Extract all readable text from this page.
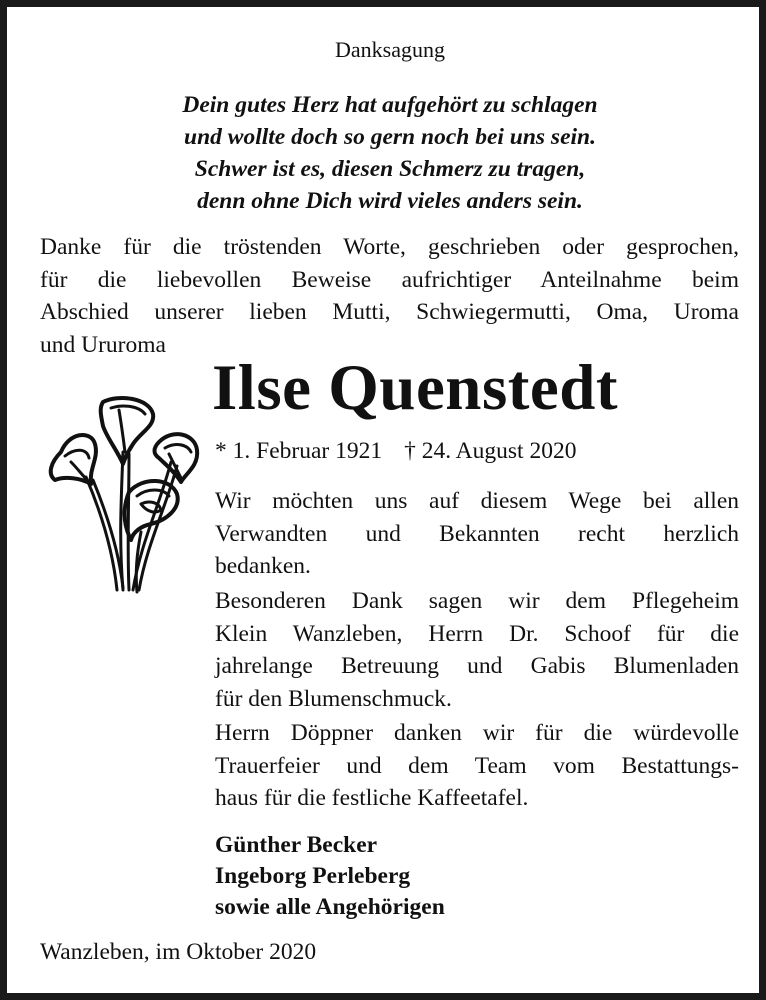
Danksagung
Dein gutes Herz hat aufgehört zu schlagen
und wollte doch so gern noch bei uns sein.
Schwer ist es, diesen Schmerz zu tragen,
denn ohne Dich wird vieles anders sein.
Danke für die tröstenden Worte, geschrieben oder gesprochen,
für die liebevollen Beweise aufrichtiger Anteilnahme beim
Abschied unserer lieben Mutti, Schwiegermutti, Oma, Uroma
und Ururoma
Ilse Quenstedt
* 1. Februar 1921 † 24. August 2020
Wir möchten uns auf diesem Wege bei allen
Verwandten und Bekannten recht herzlich
bedanken.
Besonderen Dank sagen wir dem Pflegeheim
Klein Wanzleben, Herrn Dr. Schoof für die
jahrelange Betreuung und Gabis Blumenladen
für den Blumenschmuck.
Herrn Döppner danken wir für die würdevolle
Trauerfeier und dem Team vom Bestattungs-
haus für die festliche Kaffeetafel.
Günther Becker
Ingeborg Perleberg
sowie alle Angehörigen
Wanzleben, im Oktober 2020
